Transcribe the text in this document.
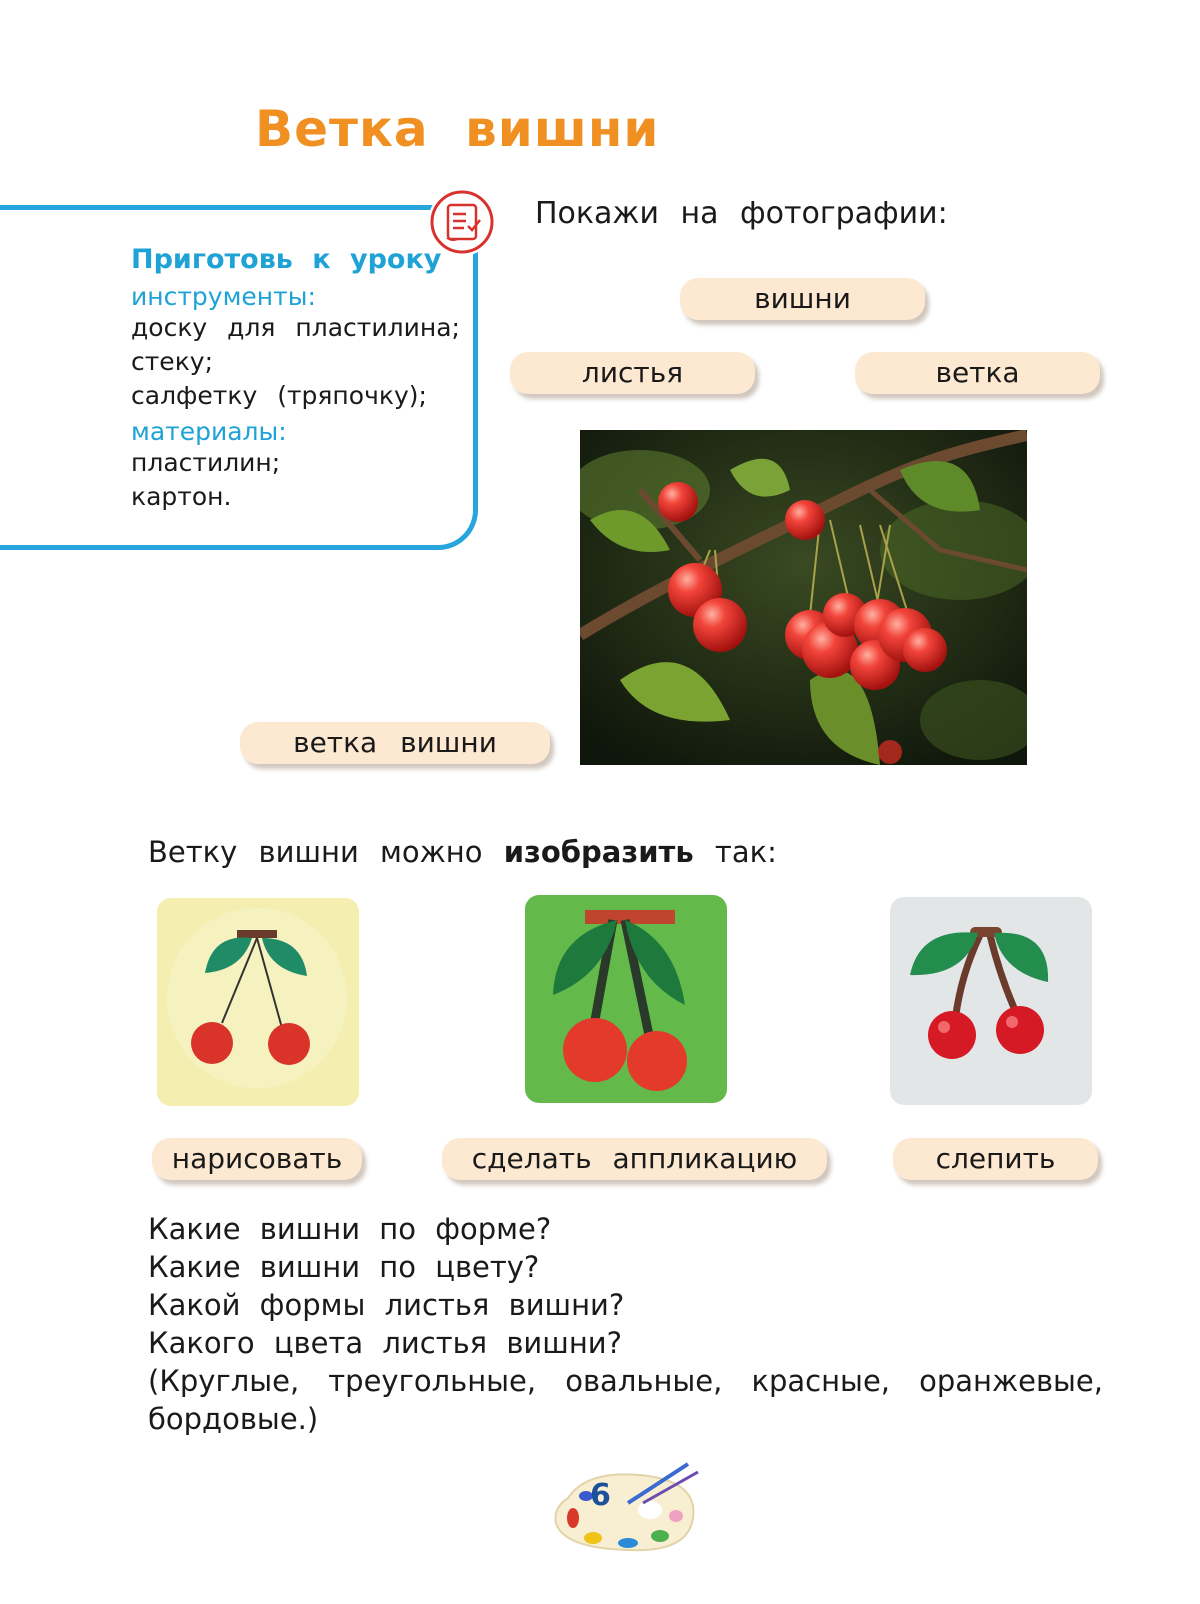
Ветка вишни
Приготовь к уроку
инструменты:
доску для пластилина;
стеку;
салфетку (тряпочку);
материалы:
пластилин;
картон.
Покажи на фотографии:
вишни
листья	ветка
ветка вишни
Ветку вишни можно изобразить так:
нарисовать	сделать аппликацию	слепить
Какие вишни по форме?
Какие вишни по цвету?
Какой формы листья вишни?
Какого цвета листья вишни?
(Круглые, треугольные, овальные, красные, оранжевые, бордовые.)
6
